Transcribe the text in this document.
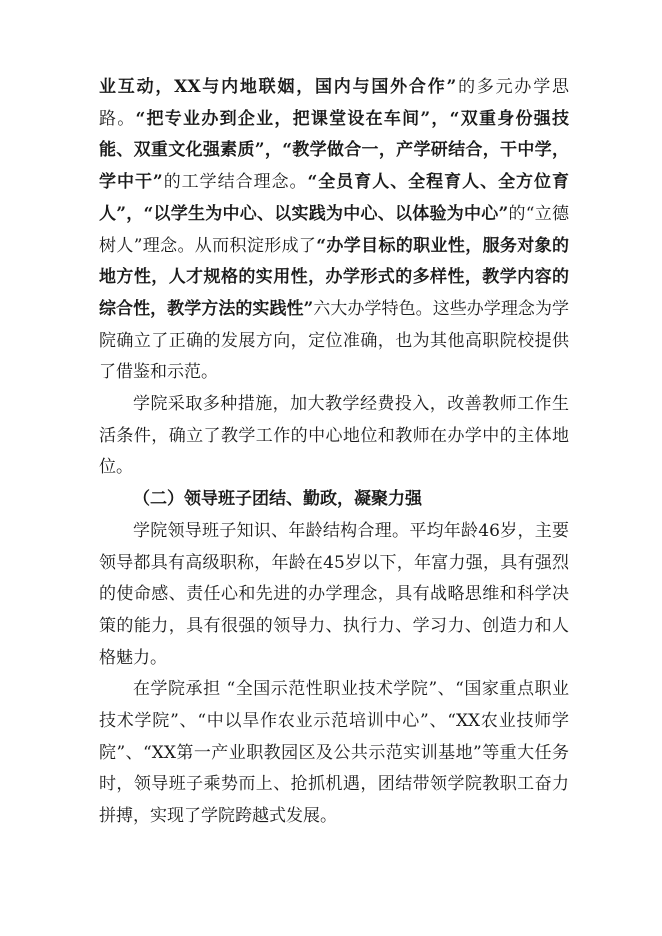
业互动，XX与内地联姻，国内与国外合作”的多元办学思路。“把专业办到企业，把课堂设在车间”，“双重身份强技能、双重文化强素质”，“教学做合一，产学研结合，干中学，学中干”的工学结合理念。“全员育人、全程育人、全方位育人”，“以学生为中心、以实践为中心、以体验为中心”的“立德树人”理念。从而积淀形成了“办学目标的职业性，服务对象的地方性，人才规格的实用性，办学形式的多样性，教学内容的综合性，教学方法的实践性”六大办学特色。这些办学理念为学院确立了正确的发展方向，定位准确，也为其他高职院校提供了借鉴和示范。

学院采取多种措施，加大教学经费投入，改善教师工作生活条件，确立了教学工作的中心地位和教师在办学中的主体地位。

（二）领导班子团结、勤政，凝聚力强

学院领导班子知识、年龄结构合理。平均年龄46岁，主要领导都具有高级职称，年龄在45岁以下，年富力强，具有强烈的使命感、责任心和先进的办学理念，具有战略思维和科学决策的能力，具有很强的领导力、执行力、学习力、创造力和人格魅力。

在学院承担 “全国示范性职业技术学院”、“国家重点职业技术学院”、“中以旱作农业示范培训中心”、“XX农业技师学院”、“XX第一产业职教园区及公共示范实训基地”等重大任务时，领导班子乘势而上、抢抓机遇，团结带领学院教职工奋力拼搏，实现了学院跨越式发展。
